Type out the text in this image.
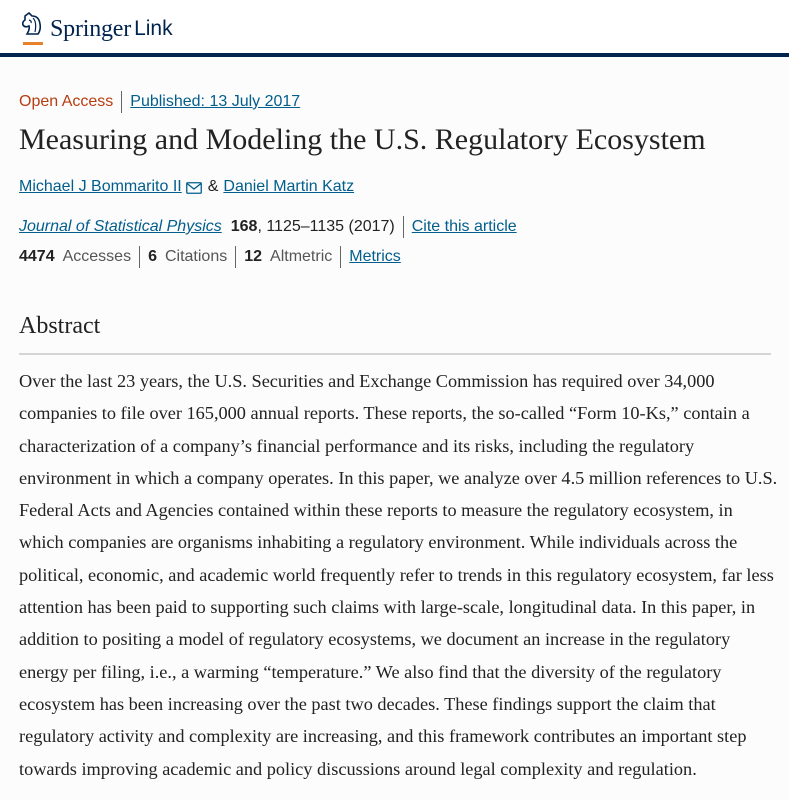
Springer Link
Open Access Published: 13 July 2017
Measuring and Modeling the U.S. Regulatory Ecosystem
Michael J Bommarito II & Daniel Martin Katz
Journal of Statistical Physics 168 , 1125–1135 (2017) Cite this article
4474 Accesses 6 Citations 12 Altmetric Metrics
Abstract

Over the last 23 years, the U.S. Securities and Exchange Commission has required over 34,000 companies to file over 165,000 annual reports. These reports, the so-called “Form 10-Ks,” contain a characterization of a company’s financial performance and its risks, including the regulatory environment in which a company operates. In this paper, we analyze over 4.5 million references to U.S. Federal Acts and Agencies contained within these reports to measure the regulatory ecosystem, in which companies are organisms inhabiting a regulatory environment. While individuals across the political, economic, and academic world frequently refer to trends in this regulatory ecosystem, far less attention has been paid to supporting such claims with large-scale, longitudinal data. In this paper, in addition to positing a model of regulatory ecosystems, we document an increase in the regulatory energy per filing, i.e., a warming “temperature.” We also find that the diversity of the regulatory ecosystem has been increasing over the past two decades. These findings support the claim that regulatory activity and complexity are increasing, and this framework contributes an important step towards improving academic and policy discussions around legal complexity and regulation.
